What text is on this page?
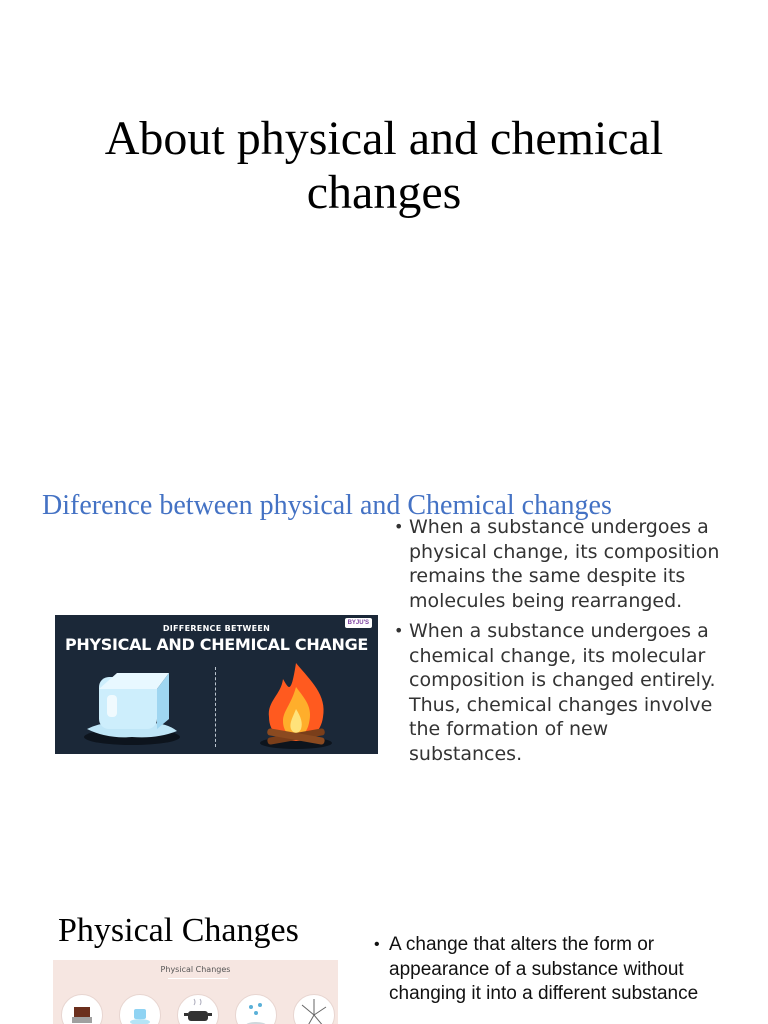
About physical and chemical changes
Diference between physical and Chemical changes
BYJU'S
DIFFERENCE BETWEEN
PHYSICAL AND CHEMICAL CHANGE
• When a substance undergoes a physical change, its composition remains the same despite its molecules being rearranged.
• When a substance undergoes a chemical change, its molecular composition is changed entirely. Thus, chemical changes involve the formation of new substances.
Physical Changes
Physical Changes
• A change that alters the form or appearance of a substance without changing it into a different substance
